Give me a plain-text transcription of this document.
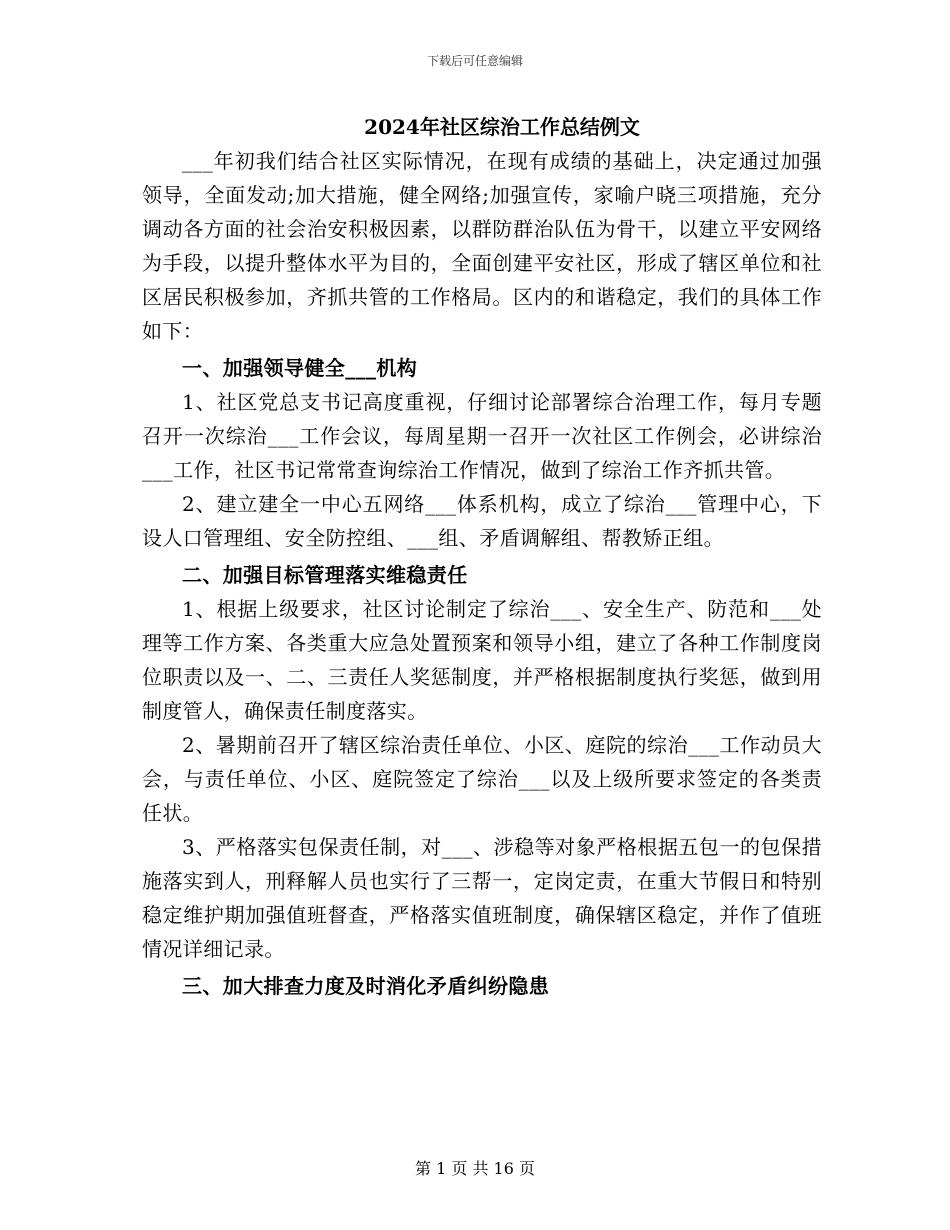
下载后可任意编辑
2024年社区综治工作总结例文

___年初我们结合社区实际情况，在现有成绩的基础上，决定通过加强领导，全面发动;加大措施，健全网络;加强宣传，家喻户晓三项措施，充分调动各方面的社会治安积极因素，以群防群治队伍为骨干，以建立平安网络为手段，以提升整体水平为目的，全面创建平安社区，形成了辖区单位和社区居民积极参加，齐抓共管的工作格局。区内的和谐稳定，我们的具体工作如下：

一、加强领导健全___机构

1、社区党总支书记高度重视，仔细讨论部署综合治理工作，每月专题召开一次综治___工作会议，每周星期一召开一次社区工作例会，必讲综治___工作，社区书记常常查询综治工作情况，做到了综治工作齐抓共管。

2、建立建全一中心五网络___体系机构，成立了综治___管理中心，下设人口管理组、安全防控组、___组、矛盾调解组、帮教矫正组。

二、加强目标管理落实维稳责任

1、根据上级要求，社区讨论制定了综治___、安全生产、防范和___处理等工作方案、各类重大应急处置预案和领导小组，建立了各种工作制度岗位职责以及一、二、三责任人奖惩制度，并严格根据制度执行奖惩，做到用制度管人，确保责任制度落实。

2、暑期前召开了辖区综治责任单位、小区、庭院的综治___工作动员大会，与责任单位、小区、庭院签定了综治___以及上级所要求签定的各类责任状。

3、严格落实包保责任制，对___、涉稳等对象严格根据五包一的包保措施落实到人，刑释解人员也实行了三帮一，定岗定责，在重大节假日和特别稳定维护期加强值班督查，严格落实值班制度，确保辖区稳定，并作了值班情况详细记录。

三、加大排查力度及时消化矛盾纠纷隐患
第 1 页 共 16 页
